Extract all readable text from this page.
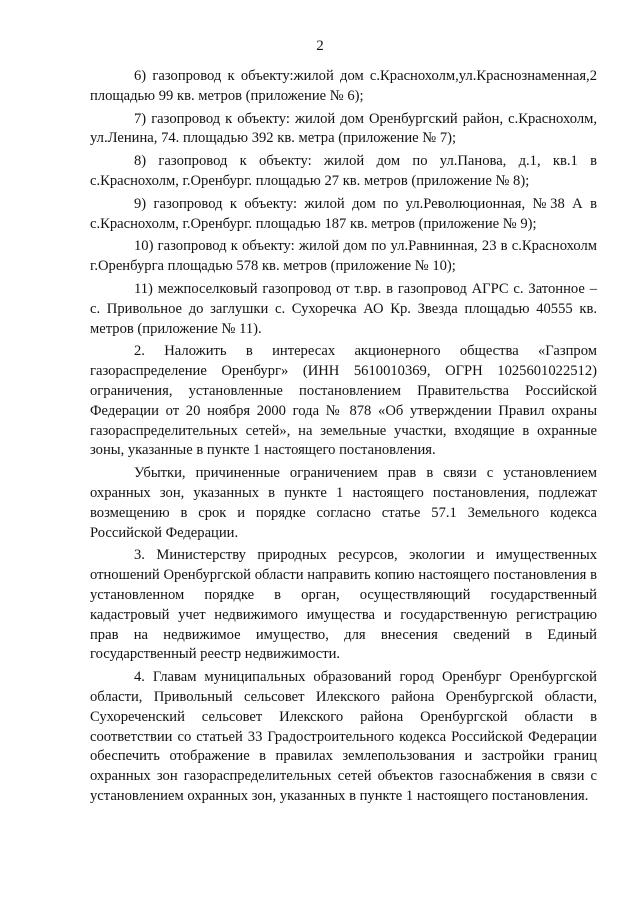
2

6) газопровод к объекту:жилой дом с.Краснохолм,ул.Краснознаменная,2 площадью 99 кв. метров (приложение № 6);

7) газопровод к объекту: жилой дом Оренбургский район, с.Краснохолм, ул.Ленина, 74. площадью 392 кв. метра (приложение № 7);

8) газопровод к объекту: жилой дом по ул.Панова, д.1, кв.1 в с.Краснохолм, г.Оренбург. площадью 27 кв. метров (приложение № 8);

9) газопровод к объекту: жилой дом по ул.Революционная, №38 А в с.Краснохолм, г.Оренбург. площадью 187 кв. метров (приложение № 9);

10) газопровод к объекту: жилой дом по ул.Равнинная, 23 в с.Краснохолм г.Оренбурга площадью 578 кв. метров (приложение № 10);

11) межпоселковый газопровод от т.вр. в газопровод АГРС с. Затонное – с. Привольное до заглушки с. Сухоречка АО Кр. Звезда площадью 40555 кв. метров (приложение № 11).

2. Наложить в интересах акционерного общества «Газпром газораспределение Оренбург» (ИНН 5610010369, ОГРН 1025601022512) ограничения, установленные постановлением Правительства Российской Федерации от 20 ноября 2000 года № 878 «Об утверждении Правил охраны газораспределительных сетей», на земельные участки, входящие в охранные зоны, указанные в пункте 1 настоящего постановления.

Убытки, причиненные ограничением прав в связи с установлением охранных зон, указанных в пункте 1 настоящего постановления, подлежат возмещению в срок и порядке согласно статье 57.1 Земельного кодекса Российской Федерации.

3. Министерству природных ресурсов, экологии и имущественных отношений Оренбургской области направить копию настоящего постановления в установленном порядке в орган, осуществляющий государственный кадастровый учет недвижимого имущества и государственную регистрацию прав на недвижимое имущество, для внесения сведений в Единый государственный реестр недвижимости.

4. Главам муниципальных образований город Оренбург Оренбургской области, Привольный сельсовет Илекского района Оренбургской области, Сухореченский сельсовет Илекского района Оренбургской области в соответствии со статьей 33 Градостроительного кодекса Российской Федерации обеспечить отображение в правилах землепользования и застройки границ охранных зон газораспределительных сетей объектов газоснабжения в связи с установлением охранных зон, указанных в пункте 1 настоящего постановления.
